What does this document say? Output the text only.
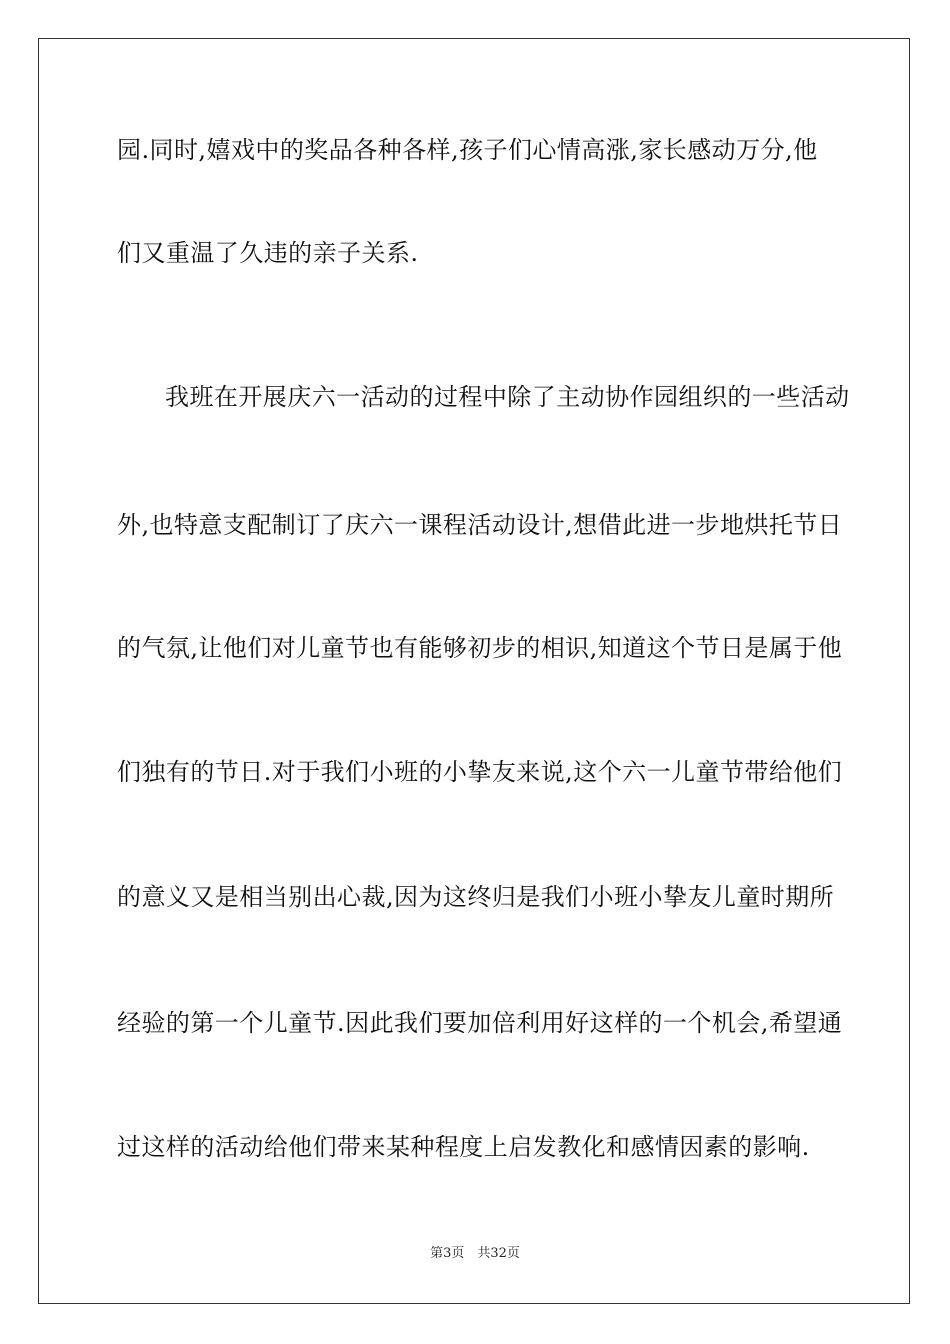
园.同时,嬉戏中的奖品各种各样,孩子们心情高涨,家长感动万分,他
们又重温了久违的亲子关系.
我班在开展庆六一活动的过程中除了主动协作园组织的一些活动
外,也特意支配制订了庆六一课程活动设计,想借此进一步地烘托节日
的气氛,让他们对儿童节也有能够初步的相识,知道这个节日是属于他
们独有的节日.对于我们小班的小挚友来说,这个六一儿童节带给他们
的意义又是相当别出心裁,因为这终归是我们小班小挚友儿童时期所
经验的第一个儿童节.因此我们要加倍利用好这样的一个机会,希望通
过这样的活动给他们带来某种程度上启发教化和感情因素的影响.
第3页　共32页
